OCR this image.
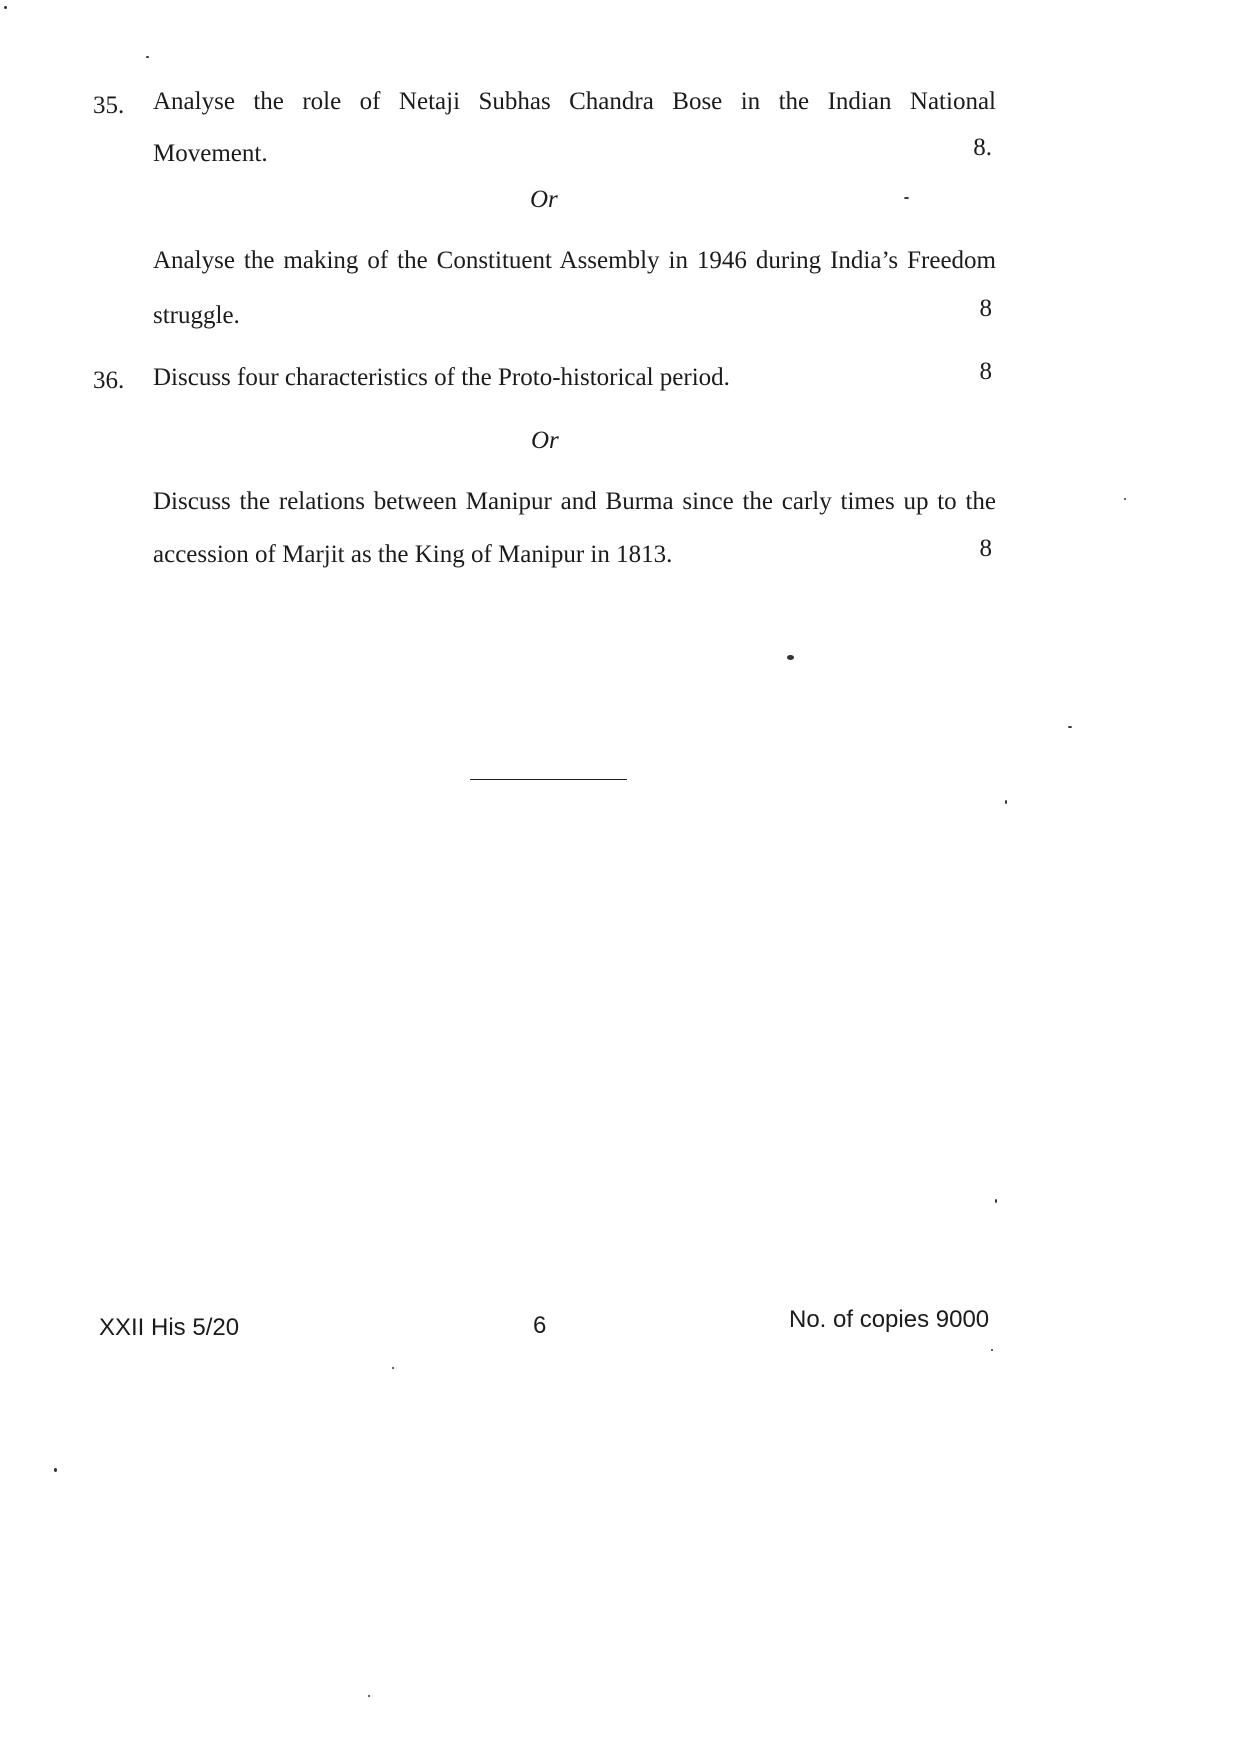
35. Analyse the role of Netaji Subhas Chandra Bose in the Indian National
Movement.	8.
Or
Analyse the making of the Constituent Assembly in 1946 during India’s Freedom
struggle.	8
36. Discuss four characteristics of the Proto-historical period.	8
Or
Discuss the relations between Manipur and Burma since the carly times up to the
accession of Marjit as the King of Manipur in 1813.	8
XXII His 5/20	6	No. of copies 9000
